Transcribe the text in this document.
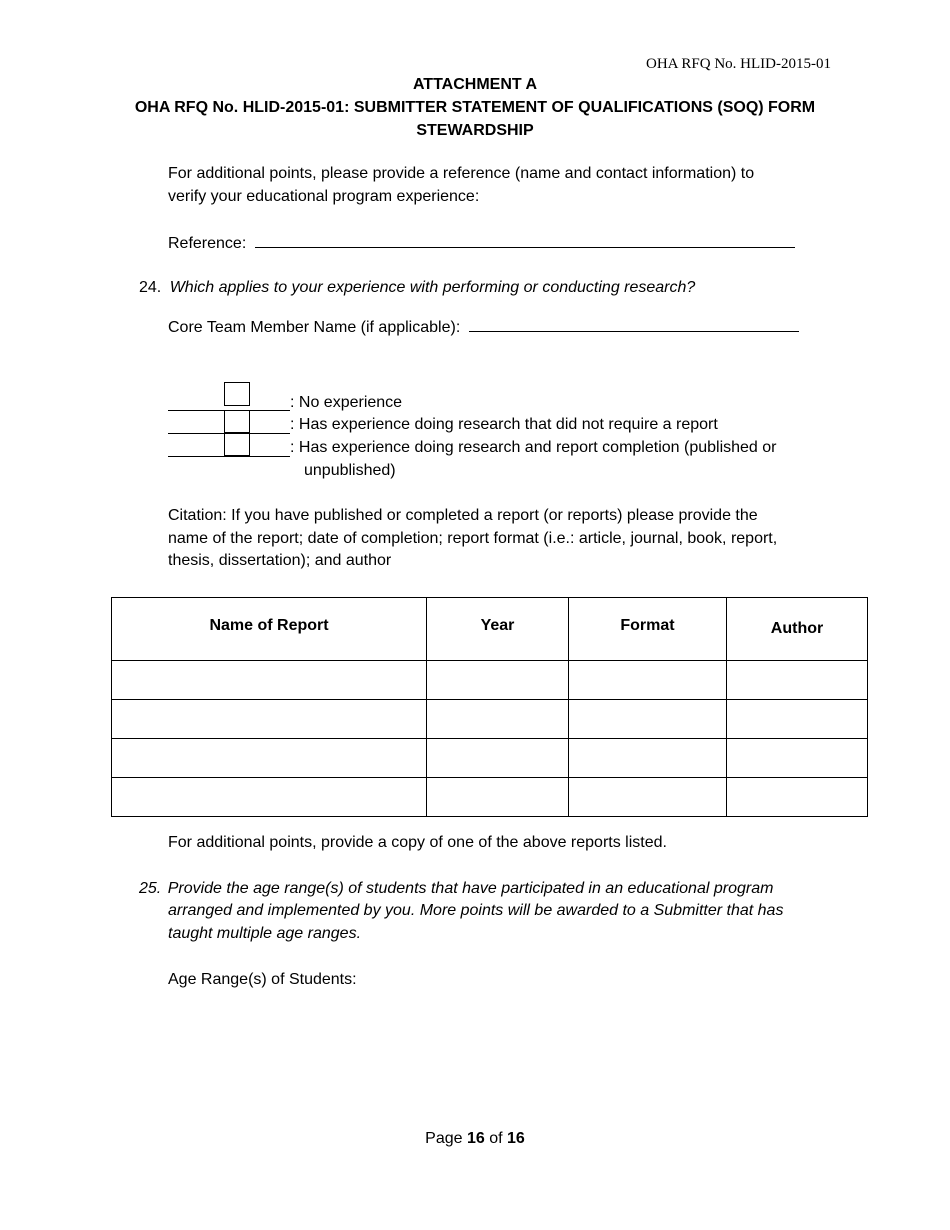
OHA RFQ No. HLID-2015-01
ATTACHMENT A
OHA RFQ No. HLID-2015-01: SUBMITTER STATEMENT OF QUALIFICATIONS (SOQ) FORM
STEWARDSHIP
For additional points, please provide a reference (name and contact information) to
verify your educational program experience:
Reference:
24. Which applies to your experience with performing or conducting research?
Core Team Member Name (if applicable):
: No experience
: Has experience doing research that did not require a report
: Has experience doing research and report completion (published or
unpublished)
Citation: If you have published or completed a report (or reports) please provide the
name of the report; date of completion; report format (i.e.: article, journal, book, report,
thesis, dissertation); and author
Name of Report	Year	Format	Author

For additional points, provide a copy of one of the above reports listed.
25. Provide the age range(s) of students that have participated in an educational program
arranged and implemented by you. More points will be awarded to a Submitter that has
taught multiple age ranges.
Age Range(s) of Students:
Page 16 of 16
